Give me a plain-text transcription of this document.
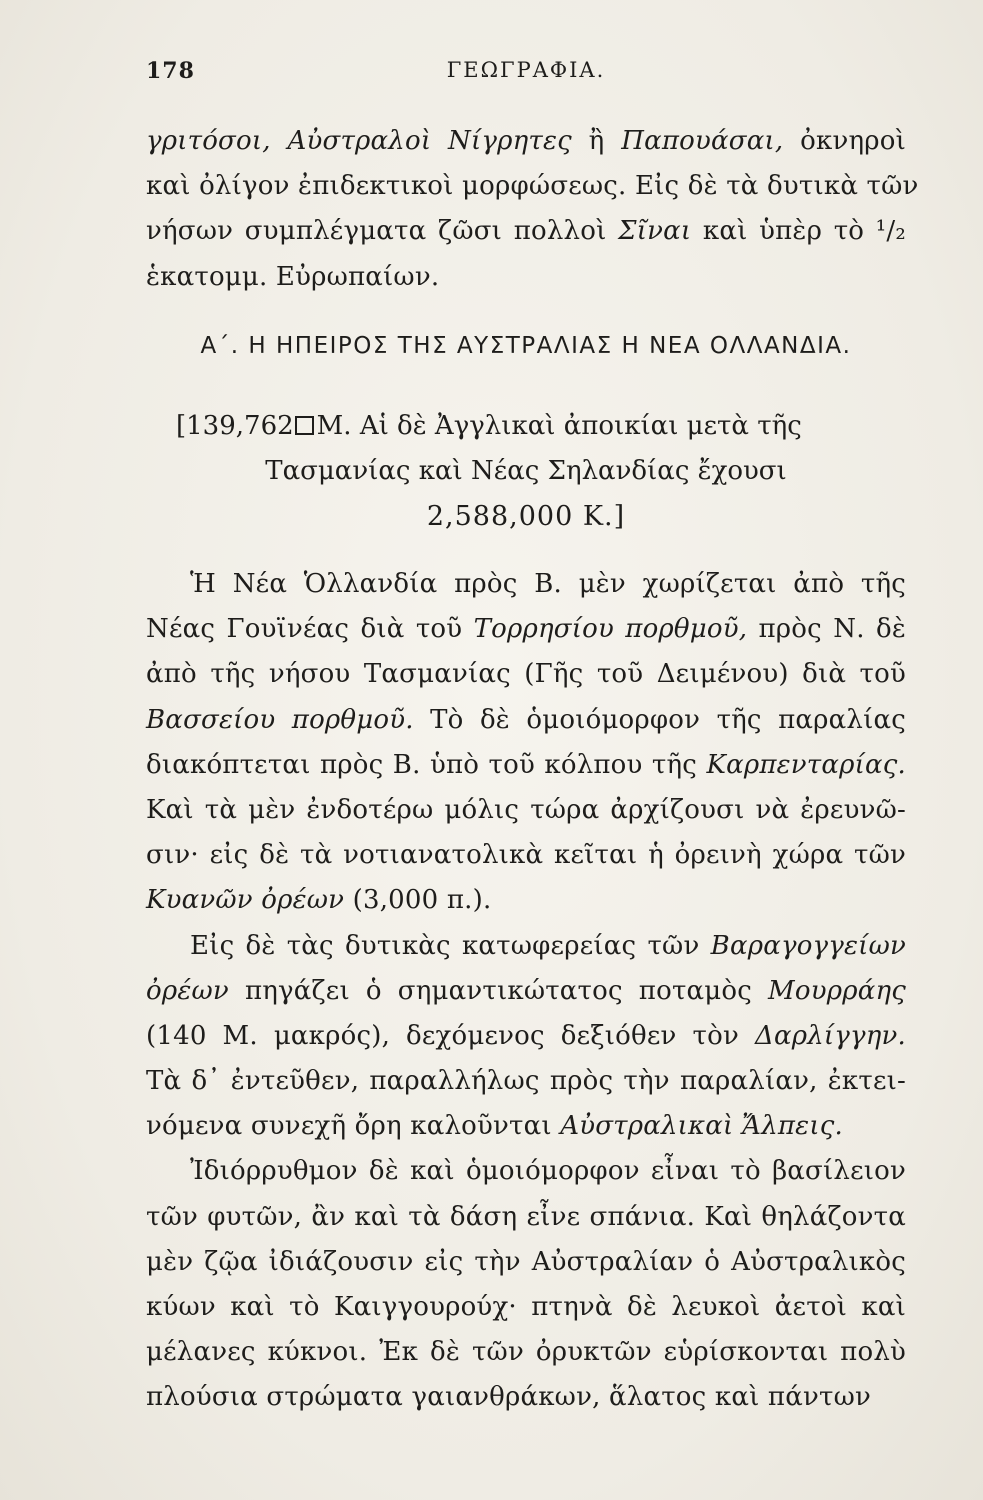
178	ΓΕΩΓΡΑΦΙΑ.
γριτόσοι, Αὐστραλοὶ Νίγρητες ἢ Παπουάσαι, ὀκνηροὶ
καὶ ὀλίγον ἐπιδεκτικοὶ μορφώσεως. Εἰς δὲ τὰ δυτικὰ τῶν
νήσων συμπλέγματα ζῶσι πολλοὶ Σῖναι καὶ ὑπὲρ τὸ ¹/₂
ἑκατομμ. Εὐρωπαίων.
Α΄. Η ΗΠΕΙΡΟΣ ΤΗΣ ΑΥΣΤΡΑΛΙΑΣ Η ΝΕΑ ΟΛΛΑΝΔΙΑ.
[139,762 Μ. Αἱ δὲ Ἀγγλικαὶ ἀποικίαι μετὰ τῆς
Τασμανίας καὶ Νέας Σηλανδίας ἔχουσι
2,588,000 Κ.]
Ἡ Νέα Ὁλλανδία πρὸς Β. μὲν χωρίζεται ἀπὸ τῆς
Νέας Γουϊνέας διὰ τοῦ Τορρησίου πορθμοῦ, πρὸς Ν. δὲ
ἀπὸ τῆς νήσου Τασμανίας (Γῆς τοῦ Δειμένου) διὰ τοῦ
Βασσείου πορθμοῦ. Τὸ δὲ ὁμοιόμορφον τῆς παραλίας
διακόπτεται πρὸς Β. ὑπὸ τοῦ κόλπου τῆς Καρπενταρίας.
Καὶ τὰ μὲν ἐνδοτέρω μόλις τώρα ἀρχίζουσι νὰ ἐρευνῶ-
σιν· εἰς δὲ τὰ νοτιανατολικὰ κεῖται ἡ ὀρεινὴ χώρα τῶν
Κυανῶν ὀρέων (3,000 π.).
Εἰς δὲ τὰς δυτικὰς κατωφερείας τῶν Βαραγογγείων
ὀρέων πηγάζει ὁ σημαντικώτατος ποταμὸς Μουρράης
(140 Μ. μακρός), δεχόμενος δεξιόθεν τὸν Δαρλίγγην.
Τὰ δ᾽ ἐντεῦθεν, παραλλήλως πρὸς τὴν παραλίαν, ἐκτει-
νόμενα συνεχῆ ὄρη καλοῦνται Αὐστραλικαὶ Ἄλπεις.
Ἰδιόρρυθμον δὲ καὶ ὁμοιόμορφον εἶναι τὸ βασίλειον
τῶν φυτῶν, ἂν καὶ τὰ δάση εἶνε σπάνια. Καὶ θηλάζοντα
μὲν ζῷα ἰδιάζουσιν εἰς τὴν Αὐστραλίαν ὁ Αὐστραλικὸς
κύων καὶ τὸ Καιγγουρούχ· πτηνὰ δὲ λευκοὶ ἀετοὶ καὶ
μέλανες κύκνοι. Ἐκ δὲ τῶν ὀρυκτῶν εὑρίσκονται πολὺ
πλούσια στρώματα γαιανθράκων, ἅλατος καὶ πάντων
